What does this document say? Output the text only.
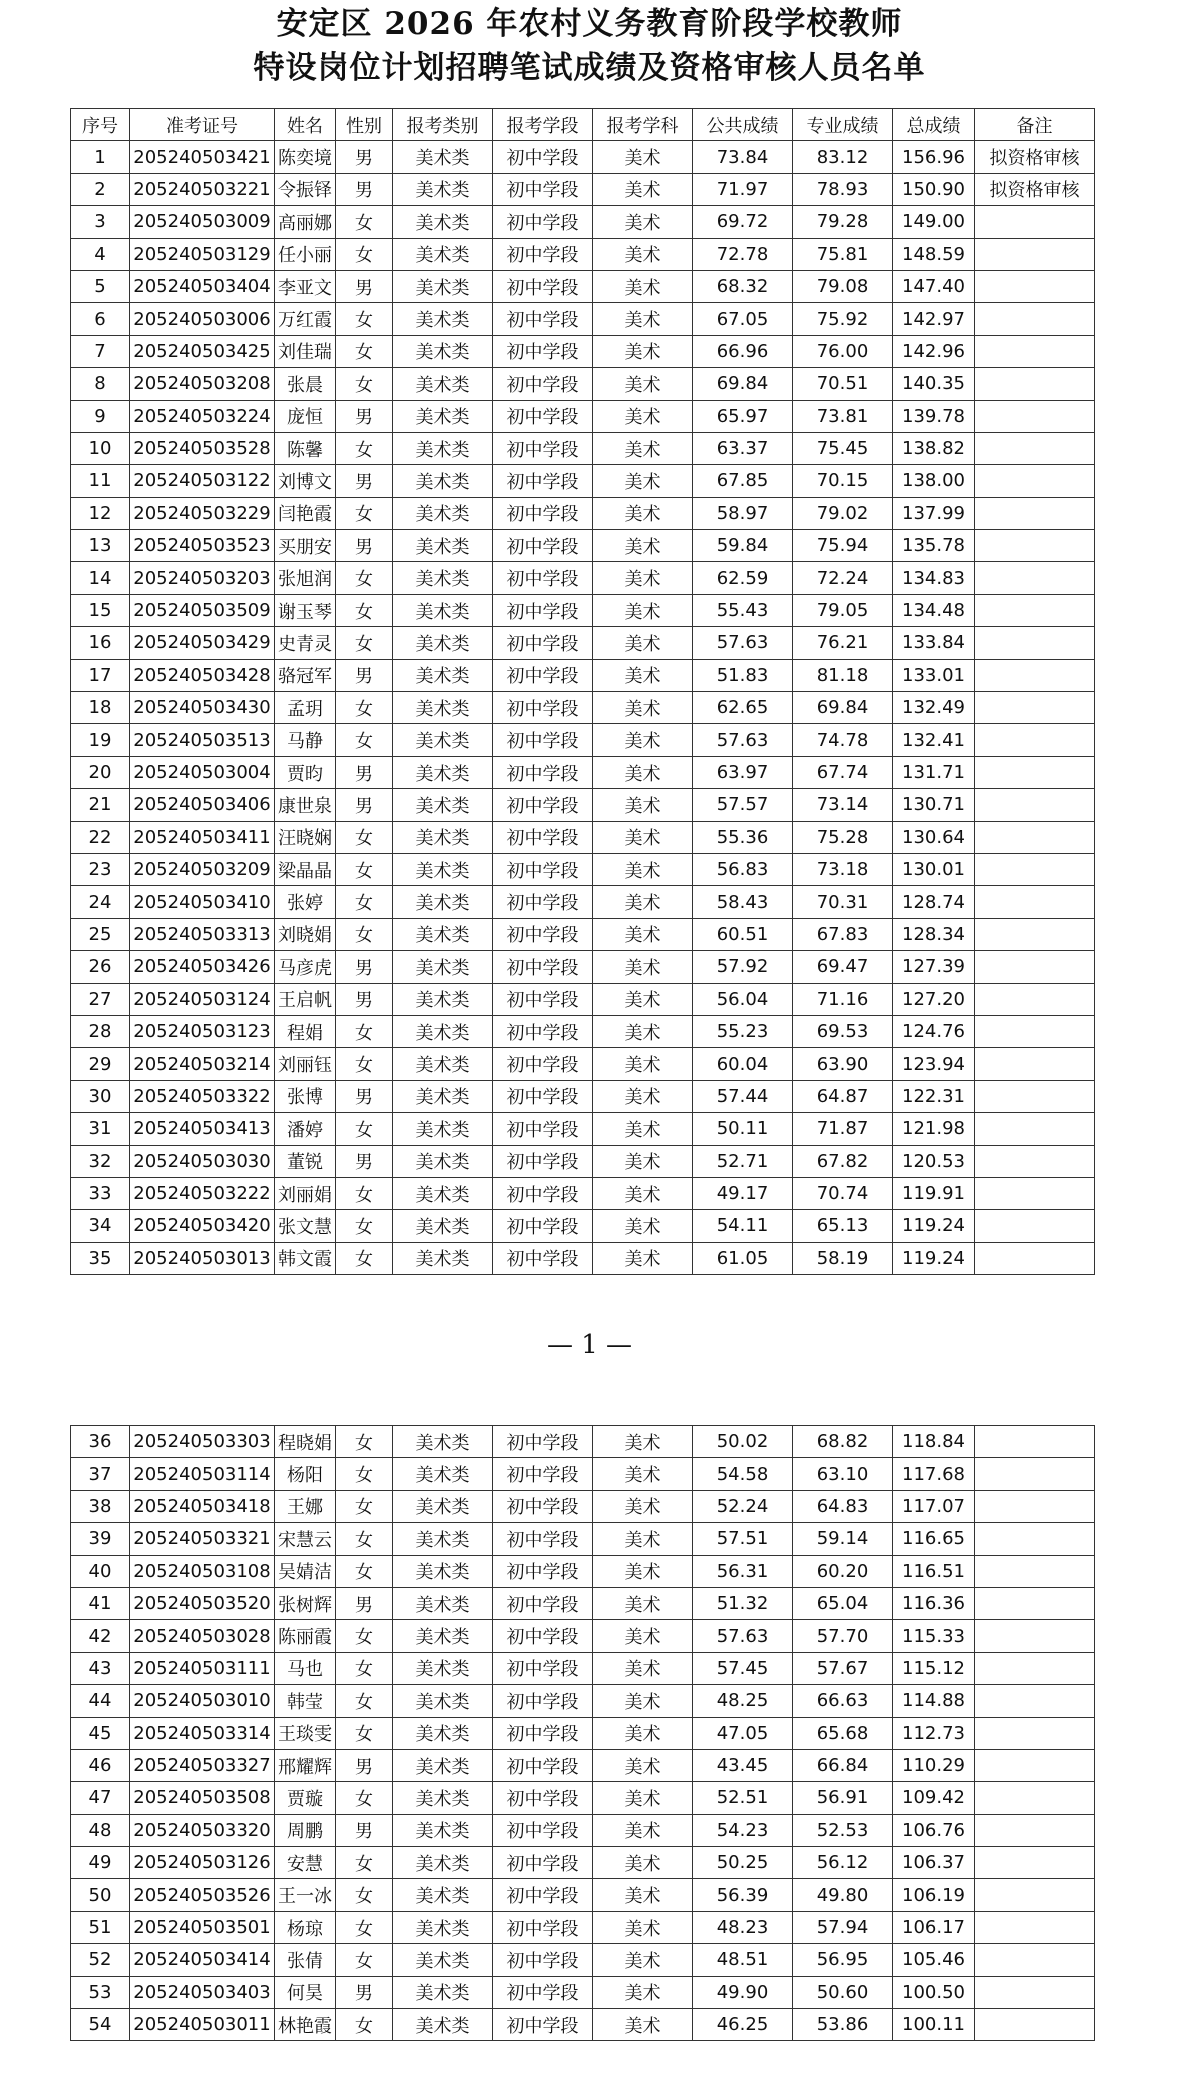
安定区 2026 年农村义务教育阶段学校教师
特设岗位计划招聘笔试成绩及资格审核人员名单
序号	准考证号	姓名	性别	报考类别	报考学段	报考学科	公共成绩	专业成绩	总成绩	备注
1	205240503421	陈奕境	男	美术类	初中学段	美术	73.84	83.12	156.96	拟资格审核
2	205240503221	令振铎	男	美术类	初中学段	美术	71.97	78.93	150.90	拟资格审核
3	205240503009	高丽娜	女	美术类	初中学段	美术	69.72	79.28	149.00	
4	205240503129	任小丽	女	美术类	初中学段	美术	72.78	75.81	148.59	
5	205240503404	李亚文	男	美术类	初中学段	美术	68.32	79.08	147.40	
6	205240503006	万红霞	女	美术类	初中学段	美术	67.05	75.92	142.97	
7	205240503425	刘佳瑞	女	美术类	初中学段	美术	66.96	76.00	142.96	
8	205240503208	张晨	女	美术类	初中学段	美术	69.84	70.51	140.35	
9	205240503224	庞恒	男	美术类	初中学段	美术	65.97	73.81	139.78	
10	205240503528	陈馨	女	美术类	初中学段	美术	63.37	75.45	138.82	
11	205240503122	刘博文	男	美术类	初中学段	美术	67.85	70.15	138.00	
12	205240503229	闫艳霞	女	美术类	初中学段	美术	58.97	79.02	137.99	
13	205240503523	买朋安	男	美术类	初中学段	美术	59.84	75.94	135.78	
14	205240503203	张旭润	女	美术类	初中学段	美术	62.59	72.24	134.83	
15	205240503509	谢玉琴	女	美术类	初中学段	美术	55.43	79.05	134.48	
16	205240503429	史青灵	女	美术类	初中学段	美术	57.63	76.21	133.84	
17	205240503428	骆冠军	男	美术类	初中学段	美术	51.83	81.18	133.01	
18	205240503430	孟玥	女	美术类	初中学段	美术	62.65	69.84	132.49	
19	205240503513	马静	女	美术类	初中学段	美术	57.63	74.78	132.41	
20	205240503004	贾昀	男	美术类	初中学段	美术	63.97	67.74	131.71	
21	205240503406	康世泉	男	美术类	初中学段	美术	57.57	73.14	130.71	
22	205240503411	汪晓娴	女	美术类	初中学段	美术	55.36	75.28	130.64	
23	205240503209	梁晶晶	女	美术类	初中学段	美术	56.83	73.18	130.01	
24	205240503410	张婷	女	美术类	初中学段	美术	58.43	70.31	128.74	
25	205240503313	刘晓娟	女	美术类	初中学段	美术	60.51	67.83	128.34	
26	205240503426	马彦虎	男	美术类	初中学段	美术	57.92	69.47	127.39	
27	205240503124	王启帆	男	美术类	初中学段	美术	56.04	71.16	127.20	
28	205240503123	程娟	女	美术类	初中学段	美术	55.23	69.53	124.76	
29	205240503214	刘丽钰	女	美术类	初中学段	美术	60.04	63.90	123.94	
30	205240503322	张博	男	美术类	初中学段	美术	57.44	64.87	122.31	
31	205240503413	潘婷	女	美术类	初中学段	美术	50.11	71.87	121.98	
32	205240503030	董锐	男	美术类	初中学段	美术	52.71	67.82	120.53	
33	205240503222	刘丽娟	女	美术类	初中学段	美术	49.17	70.74	119.91	
34	205240503420	张文慧	女	美术类	初中学段	美术	54.11	65.13	119.24	
35	205240503013	韩文霞	女	美术类	初中学段	美术	61.05	58.19	119.24	
— 1 —
36	205240503303	程晓娟	女	美术类	初中学段	美术	50.02	68.82	118.84	
37	205240503114	杨阳	女	美术类	初中学段	美术	54.58	63.10	117.68	
38	205240503418	王娜	女	美术类	初中学段	美术	52.24	64.83	117.07	
39	205240503321	宋慧云	女	美术类	初中学段	美术	57.51	59.14	116.65	
40	205240503108	吴婧洁	女	美术类	初中学段	美术	56.31	60.20	116.51	
41	205240503520	张树辉	男	美术类	初中学段	美术	51.32	65.04	116.36	
42	205240503028	陈丽霞	女	美术类	初中学段	美术	57.63	57.70	115.33	
43	205240503111	马也	女	美术类	初中学段	美术	57.45	57.67	115.12	
44	205240503010	韩莹	女	美术类	初中学段	美术	48.25	66.63	114.88	
45	205240503314	王琰雯	女	美术类	初中学段	美术	47.05	65.68	112.73	
46	205240503327	邢耀辉	男	美术类	初中学段	美术	43.45	66.84	110.29	
47	205240503508	贾璇	女	美术类	初中学段	美术	52.51	56.91	109.42	
48	205240503320	周鹏	男	美术类	初中学段	美术	54.23	52.53	106.76	
49	205240503126	安慧	女	美术类	初中学段	美术	50.25	56.12	106.37	
50	205240503526	王一冰	女	美术类	初中学段	美术	56.39	49.80	106.19	
51	205240503501	杨琼	女	美术类	初中学段	美术	48.23	57.94	106.17	
52	205240503414	张倩	女	美术类	初中学段	美术	48.51	56.95	105.46	
53	205240503403	何昊	男	美术类	初中学段	美术	49.90	50.60	100.50	
54	205240503011	林艳霞	女	美术类	初中学段	美术	46.25	53.86	100.11	
